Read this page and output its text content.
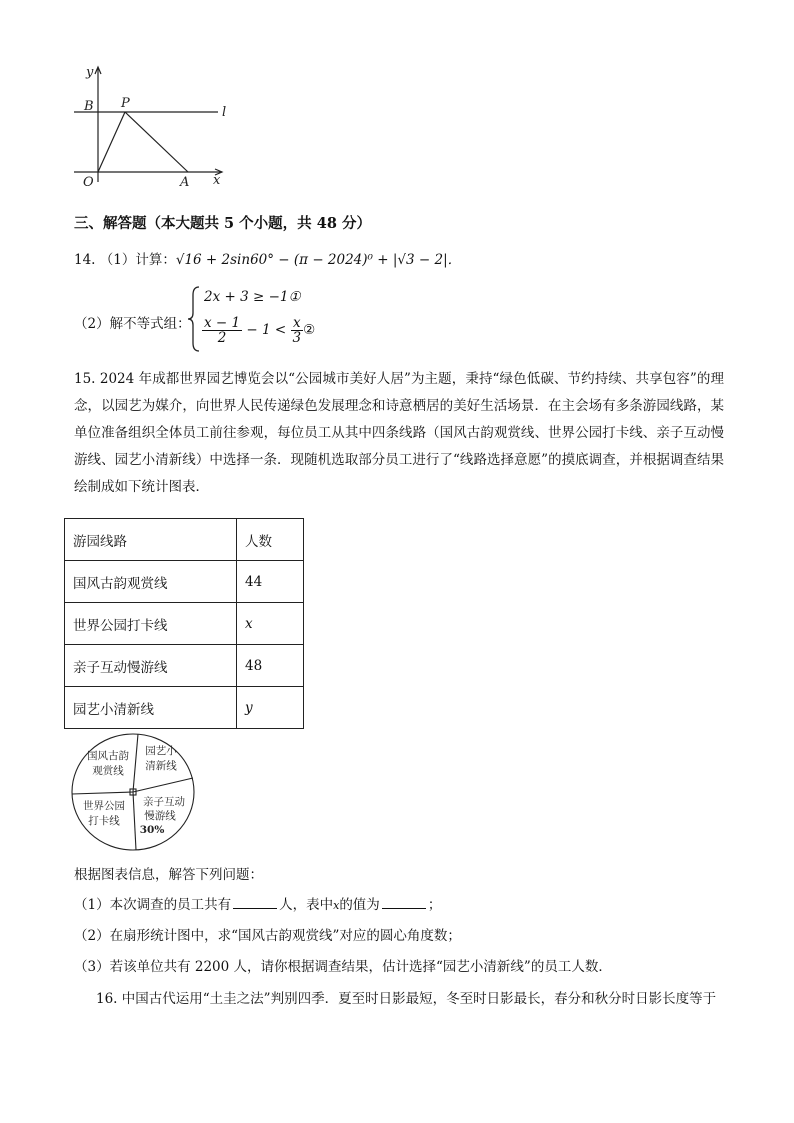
y
B P
l
O	A x
三、解答题（本大题共 5 个小题，共 48 分）
14. （1）计算：√16 + 2sin60° − (π − 2024)⁰ + |√3 − 2|．
（2）解不等式组：
2x + 3 ≥ −1①
$\frac{x - 1}{2} - 1 < \frac{x}{3}$ ②
15. 2024 年成都世界园艺博览会以“公园城市美好人居”为主题，秉持“绿色低碳、节约持续、共享包容”的理念，以园艺为媒介，向世界人民传递绿色发展理念和诗意栖居的美好生活场景．在主会场有多条游园线路，某单位准备组织全体员工前往参观，每位员工从其中四条线路（国风古韵观赏线、世界公园打卡线、亲子互动慢游线、园艺小清新线）中选择一条．现随机选取部分员工进行了“线路选择意愿”的摸底调查，并根据调查结果绘制成如下统计图表．
游园线路	人数
国风古韵观赏线	44
世界公园打卡线	x
亲子互动慢游线	48
园艺小清新线	y
国风古韵
观赏线
园艺小
清新线
亲子互动
慢游线
30%
世界公园
打卡线
根据图表信息，解答下列问题：
（1）本次调查的员工共有	人，表中x的值为	；
（2）在扇形统计图中，求“国风古韵观赏线”对应的圆心角度数；
（3）若该单位共有 2200 人，请你根据调查结果，估计选择“园艺小清新线”的员工人数．
16. 中国古代运用“土圭之法”判别四季．夏至时日影最短，冬至时日影最长，春分和秋分时日影长度等于
